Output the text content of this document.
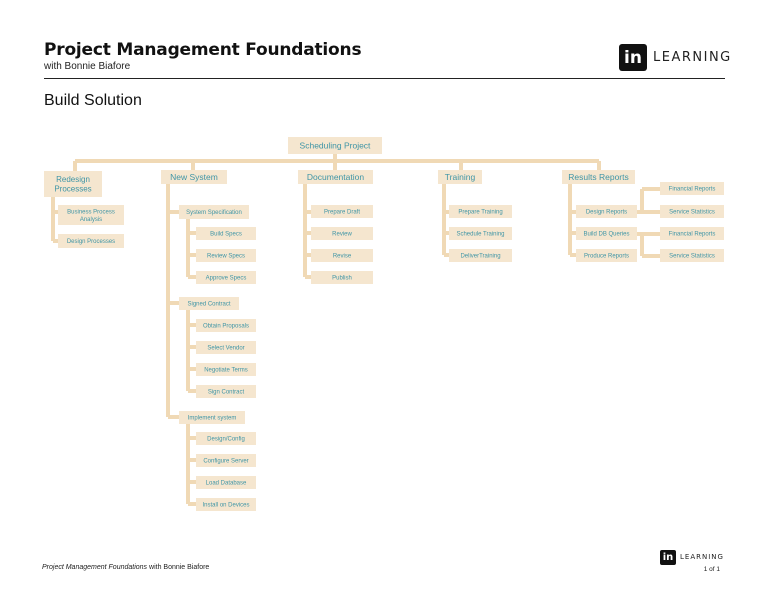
Project Management Foundations
with Bonnie Biafore	in LEARNING
Build Solution
Scheduling Project
Redesign
Processes
Business Process
Analysis
Design Processes
New System
System Specification
Build Specs
Review Specs
Approve Specs
Signed Contract
Obtain Proposals
Select Vendor
Negotiate Terms
Sign Contract
Implement system
Design/Config
Configure Server
Load Database
Install on Devices
Documentation
Prepare Draft
Review
Revise
Publish
Training
Prepare Training
Schedule Training
DeliverTraining
Results Reports
Design Reports
Build DB Queries
Produce Reports
Financial Reports
Service Statistics
Financial Reports
Service Statistics
Project Management Foundations with Bonnie Biafore
in LEARNING
1 of 1
